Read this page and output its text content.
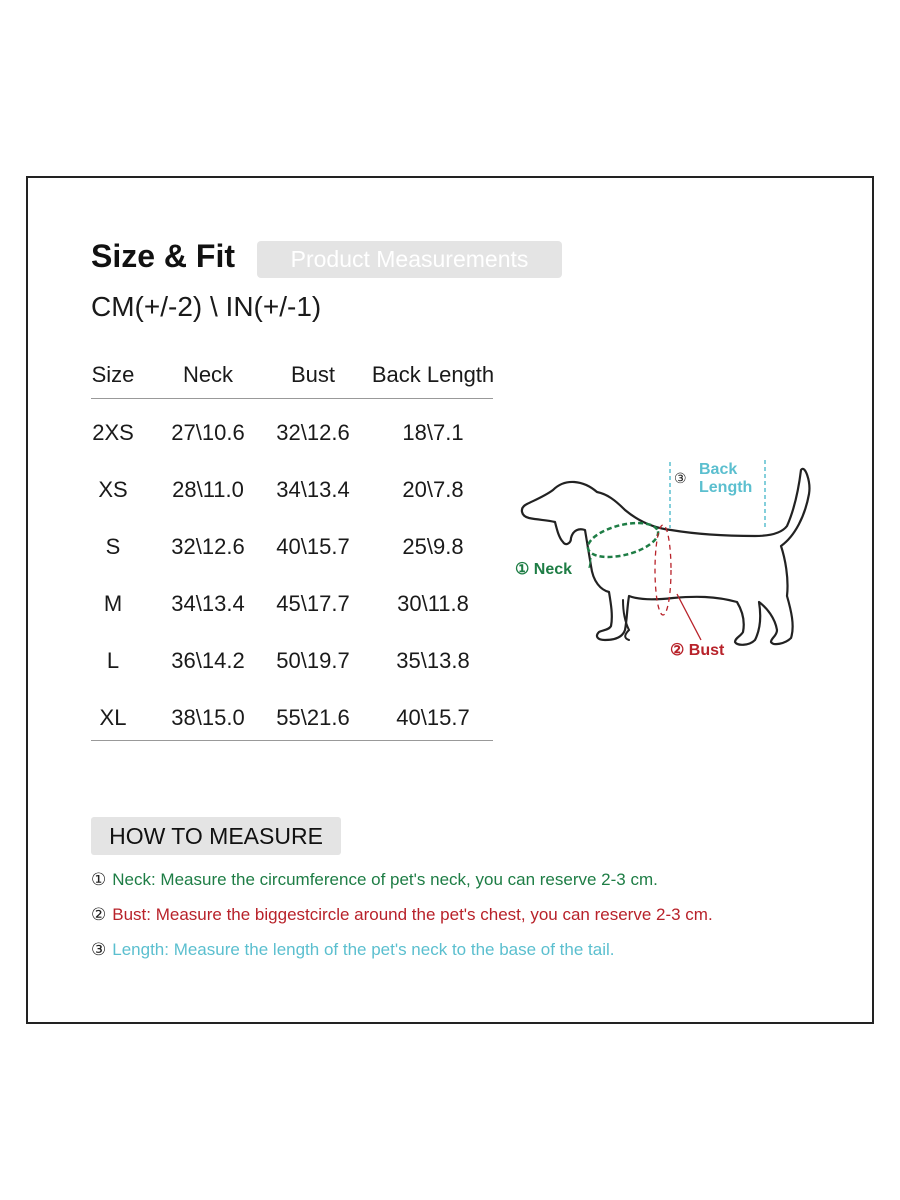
Size & Fit	Product Measurements
CM(+/-2) \ IN(+/-1)
Size Neck	Bust Back Length
2XS 27\10.6 32\12.6 18\7.1
XS 28\11.0 34\13.4 20\7.8
S 32\12.6 40\15.7 25\9.8
M 34\13.4 45\17.7 30\11.8
L 36\14.2 50\19.7 35\13.8
XL 38\15.0 55\21.6 40\15.7
③ Back
Length
① Neck
② Bust
HOW TO MEASURE
① Neck: Measure the circumference of pet's neck, you can reserve 2-3 cm.
② Bust: Measure the biggestcircle around the pet's chest, you can reserve 2-3 cm.
③ Length: Measure the length of the pet's neck to the base of the tail.
